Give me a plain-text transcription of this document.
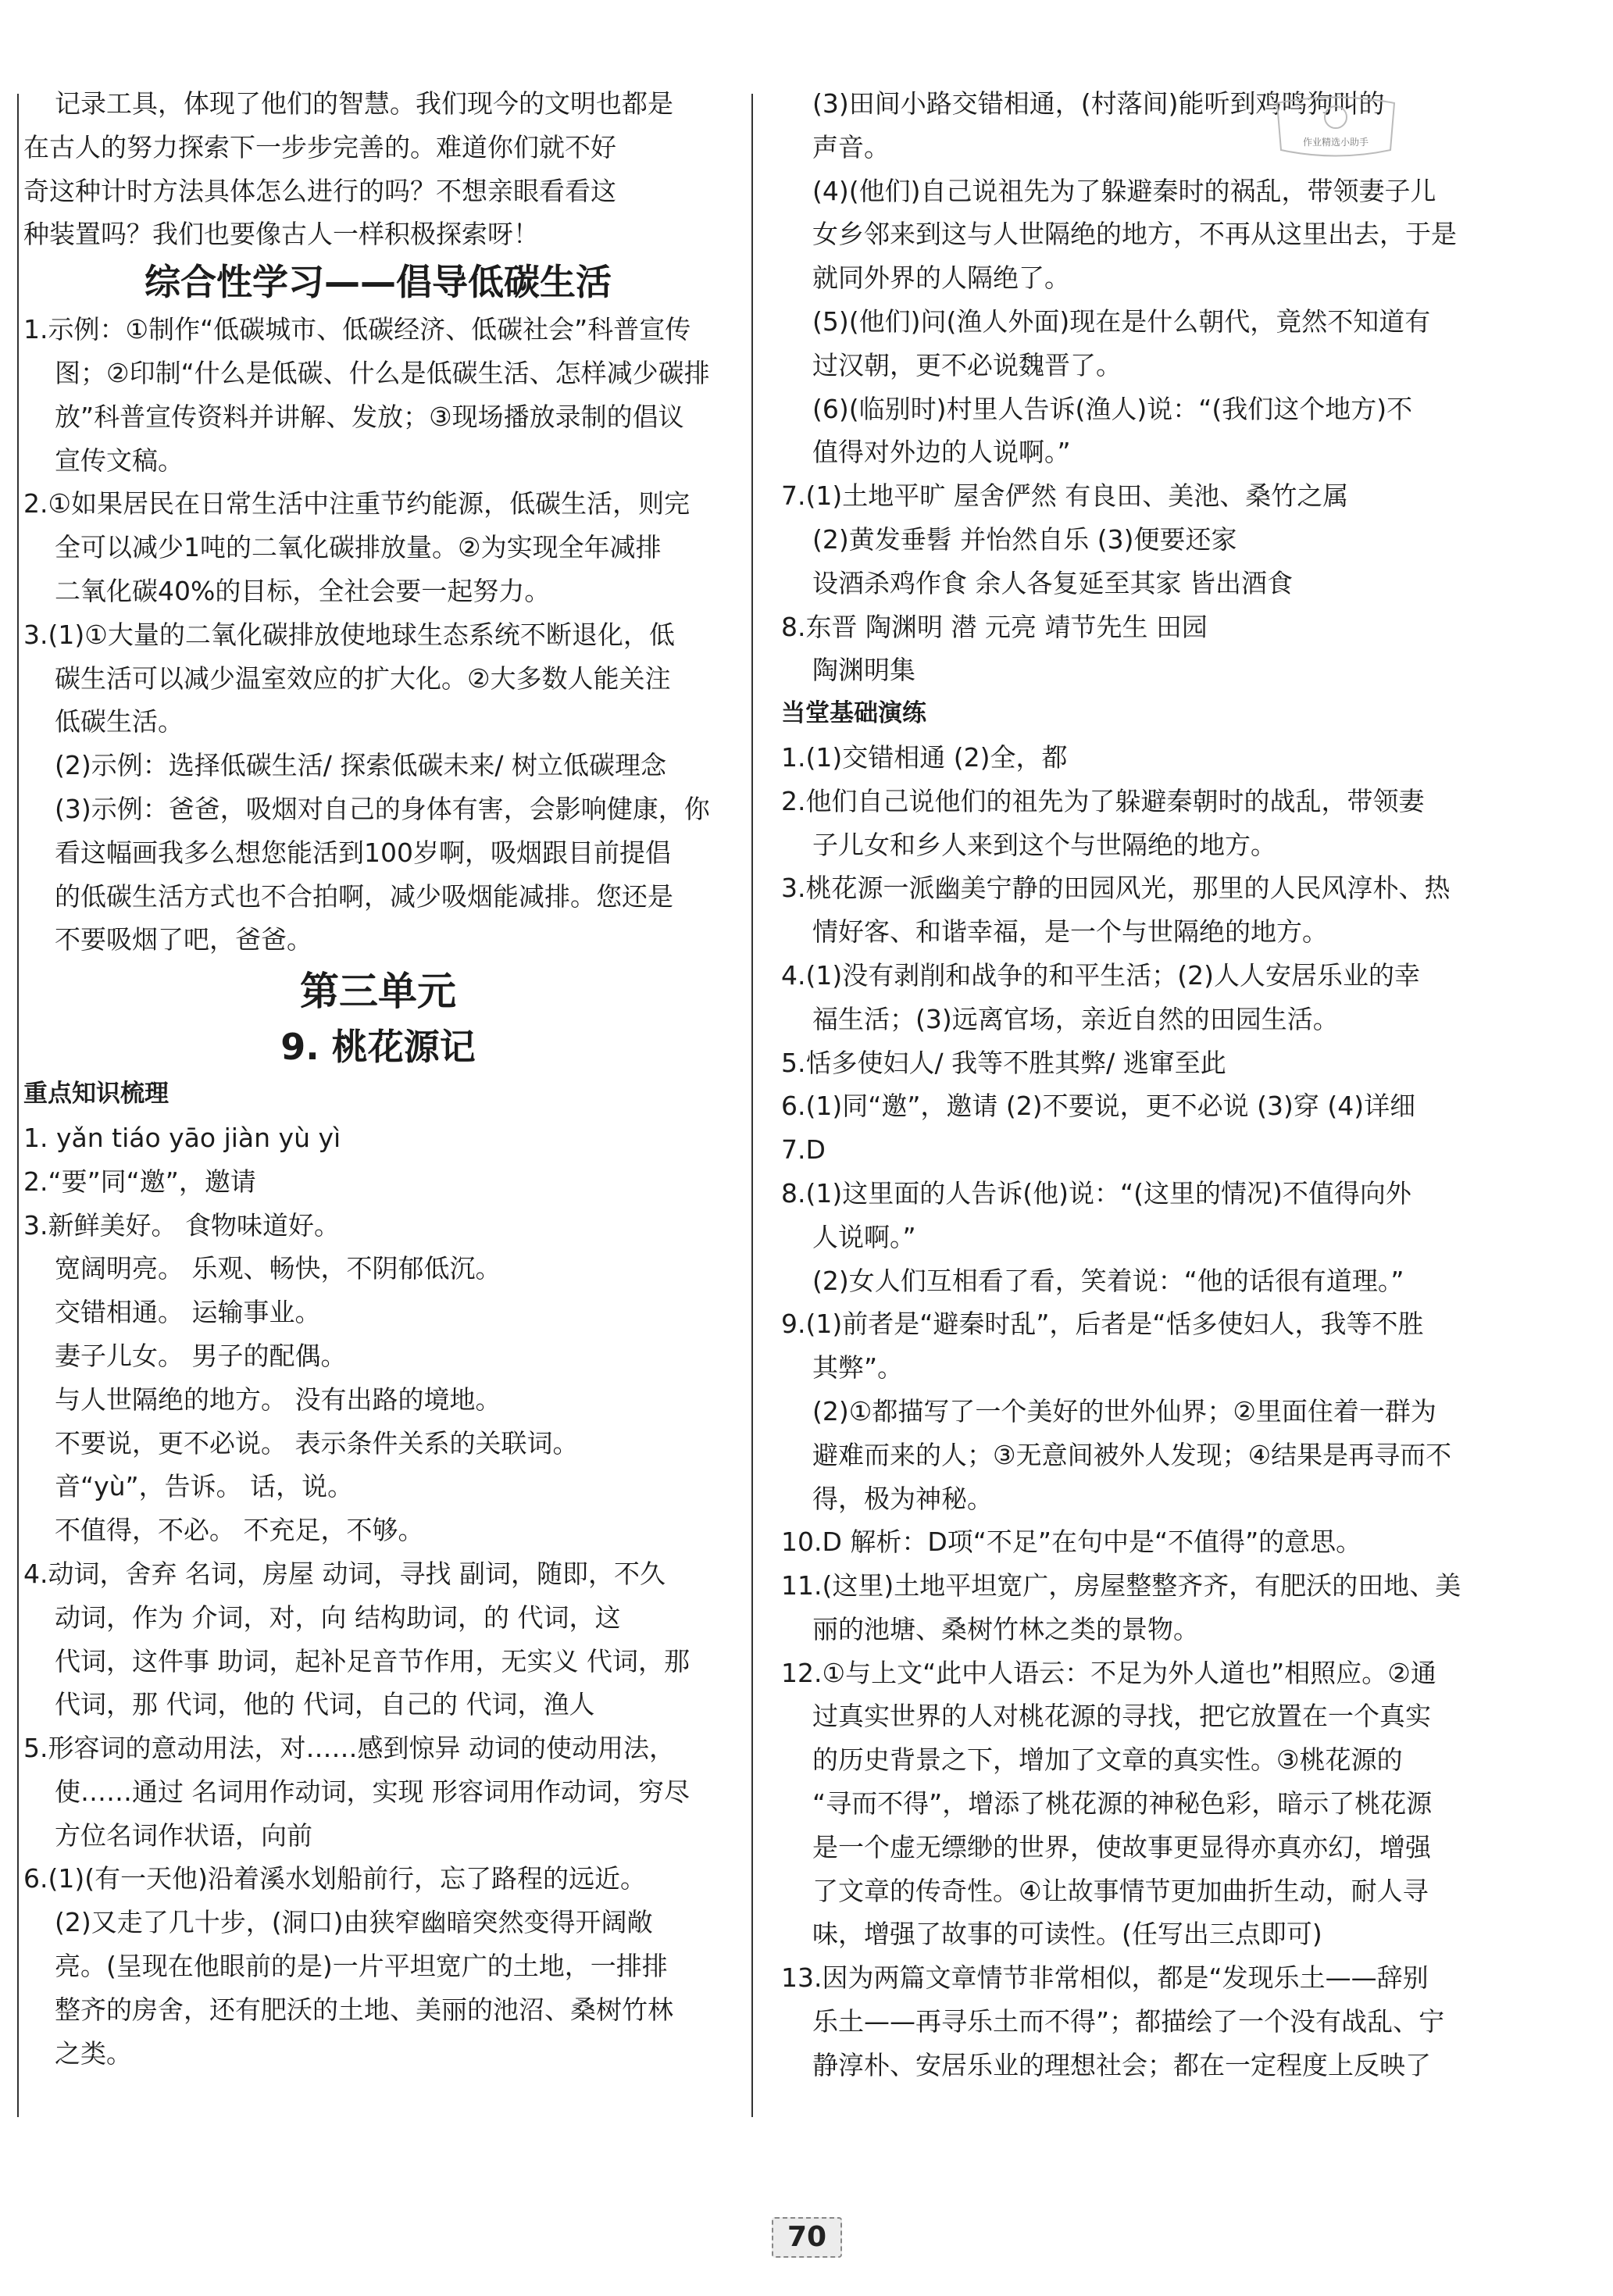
记录工具，体现了他们的智慧。我们现今的文明也都是
在古人的努力探索下一步步完善的。难道你们就不好
奇这种计时方法具体怎么进行的吗？不想亲眼看看这
种装置吗？我们也要像古人一样积极探索呀！
综合性学习——倡导低碳生活
1.示例：①制作“低碳城市、低碳经济、低碳社会”科普宣传
图；②印制“什么是低碳、什么是低碳生活、怎样减少碳排
放”科普宣传资料并讲解、发放；③现场播放录制的倡议
宣传文稿。
2.①如果居民在日常生活中注重节约能源，低碳生活，则完
全可以减少1吨的二氧化碳排放量。②为实现全年减排
二氧化碳40%的目标，全社会要一起努力。
3.(1)①大量的二氧化碳排放使地球生态系统不断退化，低
碳生活可以减少温室效应的扩大化。②大多数人能关注
低碳生活。
(2)示例：选择低碳生活/ 探索低碳未来/ 树立低碳理念
(3)示例：爸爸，吸烟对自己的身体有害，会影响健康，你
看这幅画我多么想您能活到100岁啊，吸烟跟目前提倡
的低碳生活方式也不合拍啊，减少吸烟能减排。您还是
不要吸烟了吧，爸爸。
第三单元
9. 桃花源记
重点知识梳理
1. yǎn tiáo yāo jiàn yù yì
2.“要”同“邀”，邀请
3.新鲜美好。 食物味道好。
宽阔明亮。 乐观、畅快，不阴郁低沉。
交错相通。 运输事业。
妻子儿女。 男子的配偶。
与人世隔绝的地方。 没有出路的境地。
不要说，更不必说。 表示条件关系的关联词。
音“yù”，告诉。 话，说。
不值得，不必。 不充足，不够。
4.动词，舍弃 名词，房屋 动词，寻找 副词，随即，不久
动词，作为 介词，对，向 结构助词，的 代词，这
代词，这件事 助词，起补足音节作用，无实义 代词，那
代词，那 代词，他的 代词，自己的 代词，渔人
5.形容词的意动用法，对……感到惊异 动词的使动用法，
使……通过 名词用作动词，实现 形容词用作动词，穷尽
方位名词作状语，向前
6.(1)(有一天他)沿着溪水划船前行，忘了路程的远近。
(2)又走了几十步，(洞口)由狭窄幽暗突然变得开阔敞
亮。(呈现在他眼前的是)一片平坦宽广的土地，一排排
整齐的房舍，还有肥沃的土地、美丽的池沼、桑树竹林
之类。
(3)田间小路交错相通，(村落间)能听到鸡鸣狗叫的
声音。
(4)(他们)自己说祖先为了躲避秦时的祸乱，带领妻子儿
女乡邻来到这与人世隔绝的地方，不再从这里出去，于是
就同外界的人隔绝了。
(5)(他们)问(渔人外面)现在是什么朝代，竟然不知道有
过汉朝，更不必说魏晋了。
(6)(临别时)村里人告诉(渔人)说：“(我们这个地方)不
值得对外边的人说啊。”
7.(1)土地平旷 屋舍俨然 有良田、美池、桑竹之属
(2)黄发垂髫 并怡然自乐 (3)便要还家
设酒杀鸡作食 余人各复延至其家 皆出酒食
8.东晋 陶渊明 潜 元亮 靖节先生 田园
陶渊明集
当堂基础演练
1.(1)交错相通 (2)全，都
2.他们自己说他们的祖先为了躲避秦朝时的战乱，带领妻
子儿女和乡人来到这个与世隔绝的地方。
3.桃花源一派幽美宁静的田园风光，那里的人民风淳朴、热
情好客、和谐幸福，是一个与世隔绝的地方。
4.(1)没有剥削和战争的和平生活；(2)人人安居乐业的幸
福生活；(3)远离官场，亲近自然的田园生活。
5.恬多使妇人/ 我等不胜其弊/ 逃窜至此
6.(1)同“邀”，邀请 (2)不要说，更不必说 (3)穿 (4)详细
7.D
8.(1)这里面的人告诉(他)说：“(这里的情况)不值得向外
人说啊。”
(2)女人们互相看了看，笑着说：“他的话很有道理。”
9.(1)前者是“避秦时乱”，后者是“恬多使妇人，我等不胜
其弊”。
(2)①都描写了一个美好的世外仙界；②里面住着一群为
避难而来的人；③无意间被外人发现；④结果是再寻而不
得，极为神秘。
10.D 解析：D项“不足”在句中是“不值得”的意思。
11.(这里)土地平坦宽广，房屋整整齐齐，有肥沃的田地、美
丽的池塘、桑树竹林之类的景物。
12.①与上文“此中人语云：不足为外人道也”相照应。②通
过真实世界的人对桃花源的寻找，把它放置在一个真实
的历史背景之下，增加了文章的真实性。③桃花源的
“寻而不得”，增添了桃花源的神秘色彩，暗示了桃花源
是一个虚无缥缈的世界，使故事更显得亦真亦幻，增强
了文章的传奇性。④让故事情节更加曲折生动，耐人寻
味，增强了故事的可读性。(任写出三点即可)
13.因为两篇文章情节非常相似，都是“发现乐土——辞别
乐土——再寻乐土而不得”；都描绘了一个没有战乱、宁
静淳朴、安居乐业的理想社会；都在一定程度上反映了
作业精选小助手
70
